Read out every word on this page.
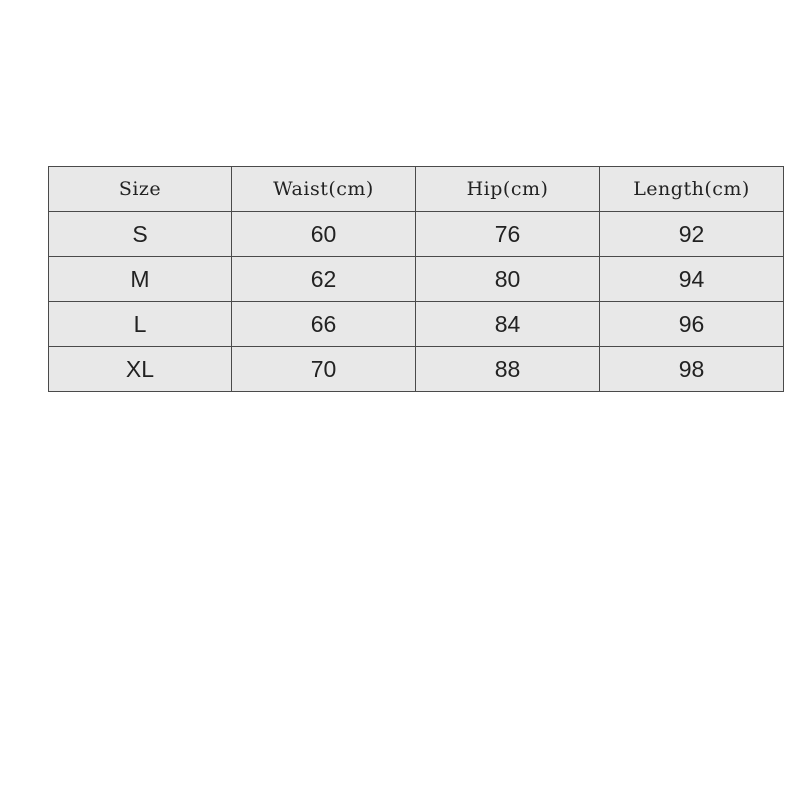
Size	Waist(cm)	Hip(cm)	Length(cm)
S	60	76	92
M	62	80	94
L	66	84	96
XL	70	88	98
